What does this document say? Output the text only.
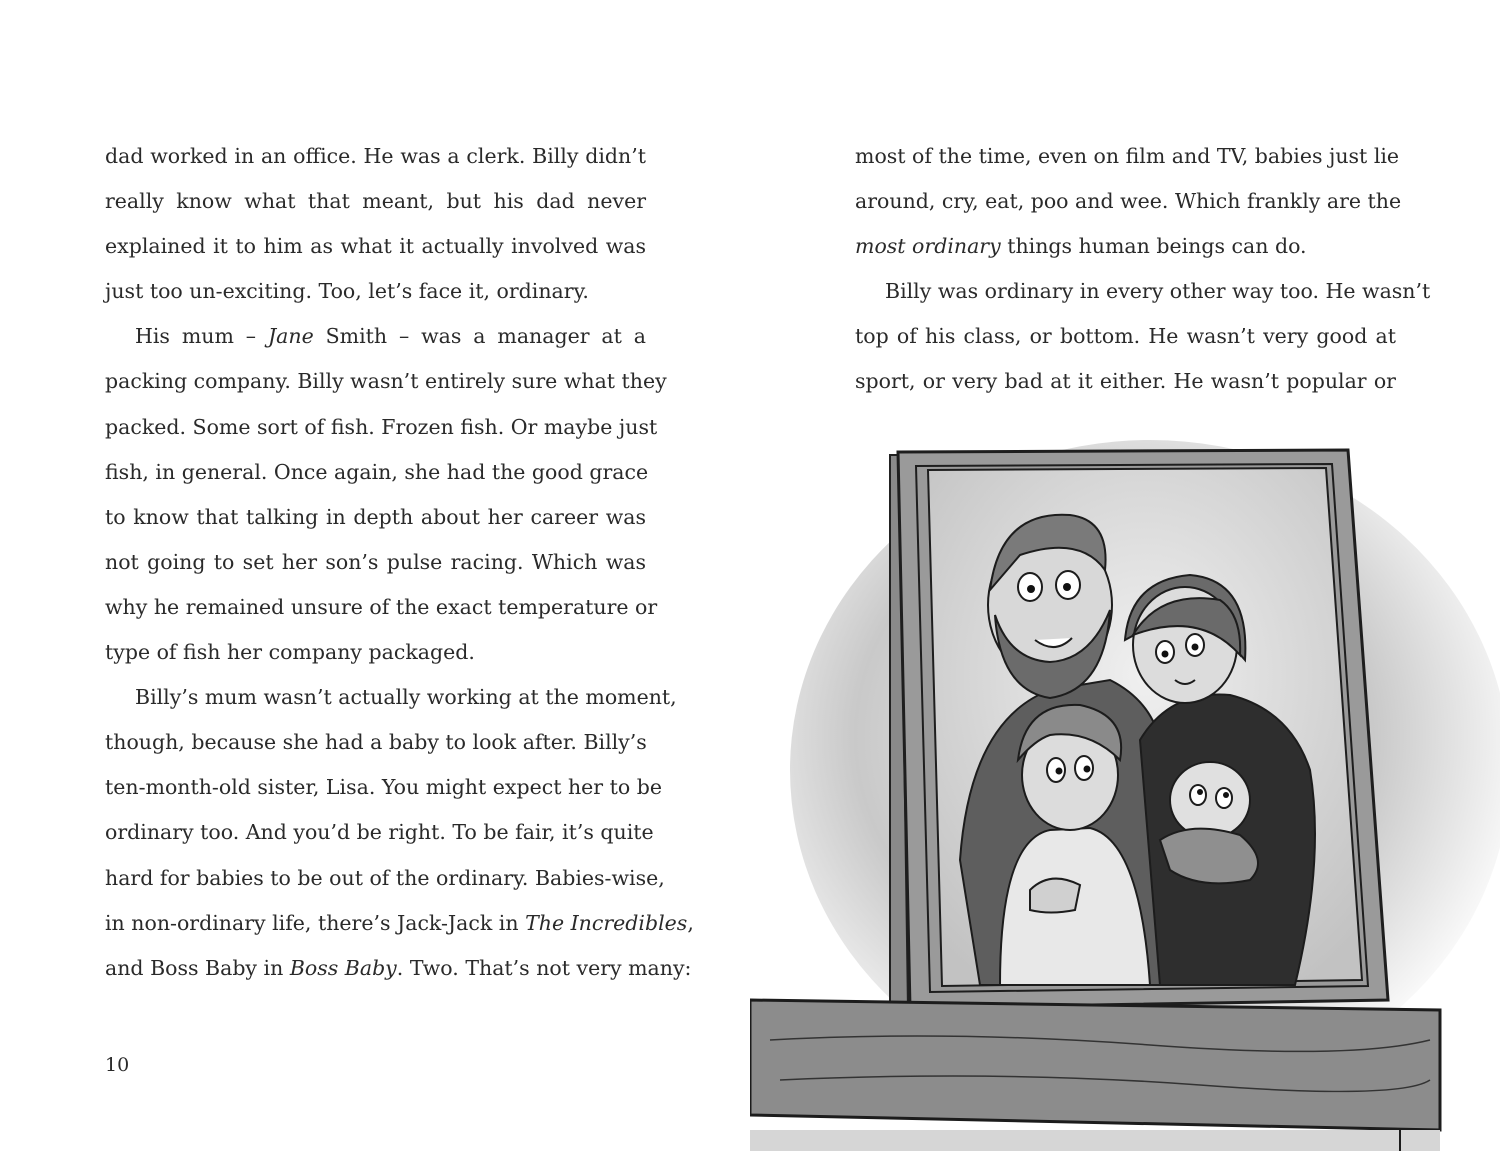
dad worked in an office. He was a clerk. Billy didn’t
really know what that meant, but his dad never
explained it to him as what it actually involved was
just too un-exciting. Too, let’s face it, ordinary.
His mum – Jane Smith – was a manager at a
packing company. Billy wasn’t entirely sure what they
packed. Some sort of fish. Frozen fish. Or maybe just
fish, in general. Once again, she had the good grace
to know that talking in depth about her career was
not going to set her son’s pulse racing. Which was
why he remained unsure of the exact temperature or
type of fish her company packaged.
Billy’s mum wasn’t actually working at the moment,
though, because she had a baby to look after. Billy’s
ten-month-old sister, Lisa. You might expect her to be
ordinary too. And you’d be right. To be fair, it’s quite
hard for babies to be out of the ordinary. Babies-wise,
in non-ordinary life, there’s Jack-Jack in The Incredibles,
and Boss Baby in Boss Baby. Two. That’s not very many:
10
most of the time, even on film and TV, babies just lie
around, cry, eat, poo and wee. Which frankly are the
most ordinary things human beings can do.
Billy was ordinary in every other way too. He wasn’t
top of his class, or bottom. He wasn’t very good at
sport, or very bad at it either. He wasn’t popular or
